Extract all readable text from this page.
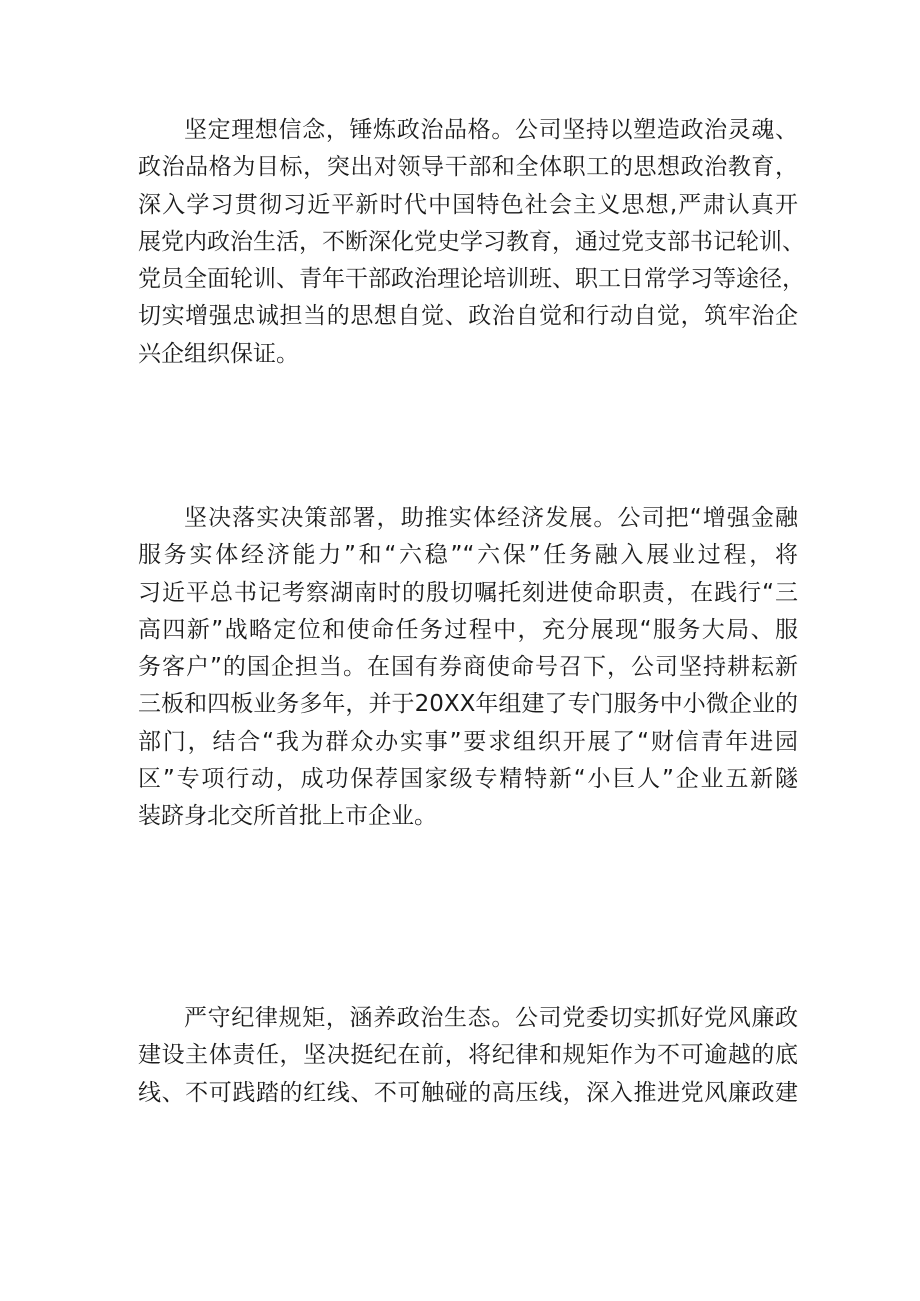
坚定理想信念，锤炼政治品格。公司坚持以塑造政治灵魂、
政治品格为目标，突出对领导干部和全体职工的思想政治教育，
深入学习贯彻习近平新时代中国特色社会主义思想,严肃认真开
展党内政治生活，不断深化党史学习教育，通过党支部书记轮训、
党员全面轮训、青年干部政治理论培训班、职工日常学习等途径，
切实增强忠诚担当的思想自觉、政治自觉和行动自觉，筑牢治企
兴企组织保证。
坚决落实决策部署，助推实体经济发展。公司把“增强金融
服务实体经济能力”和“六稳”“六保”任务融入展业过程，将
习近平总书记考察湖南时的殷切嘱托刻进使命职责，在践行“三
高四新”战略定位和使命任务过程中，充分展现“服务大局、服
务客户”的国企担当。在国有券商使命号召下，公司坚持耕耘新
三板和四板业务多年，并于20XX年组建了专门服务中小微企业的
部门，结合“我为群众办实事”要求组织开展了“财信青年进园
区”专项行动，成功保荐国家级专精特新“小巨人”企业五新隧
装跻身北交所首批上市企业。
严守纪律规矩，涵养政治生态。公司党委切实抓好党风廉政
建设主体责任，坚决挺纪在前，将纪律和规矩作为不可逾越的底
线、不可践踏的红线、不可触碰的高压线，深入推进党风廉政建
